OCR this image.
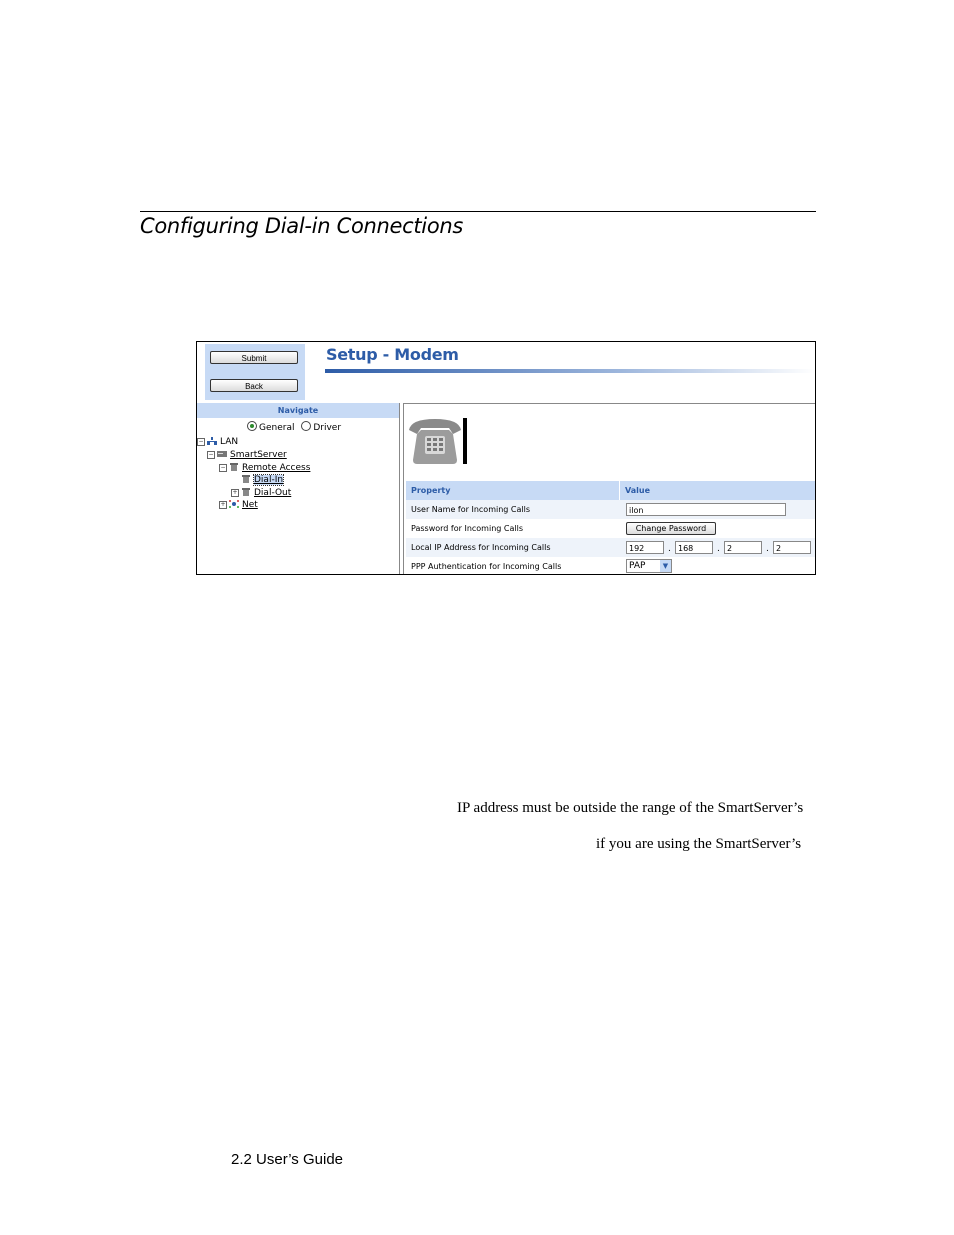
Configuring Dial-in Connections
Submit
Back
Setup - Modem
Navigate
General Driver
− LAN
− SmartServer
− Remote Access
Dial-In
+ Dial-Out
+ Net
Property	Value
User Name for Incoming Calls	ilon
Password for Incoming Calls	Change Password
Local IP Address for Incoming Calls	192	. 168	. 2	. 2
PPP Authentication for Incoming Calls	PAP	▼
IP address must be outside the range of the SmartServer’s
if you are using the SmartServer’s
2.2 User’s Guide
